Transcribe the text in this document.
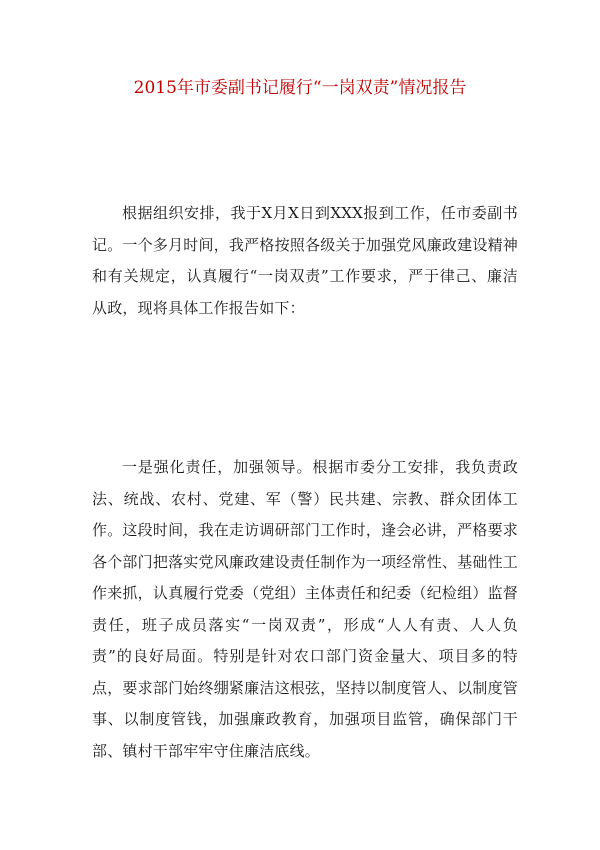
2015年市委副书记履行“一岗双责”情况报告

根据组织安排，我于X月X日到XXX报到工作，任市委副书记。一个多月时间，我严格按照各级关于加强党风廉政建设精神和有关规定，认真履行“一岗双责”工作要求，严于律己、廉洁从政，现将具体工作报告如下：

一是强化责任，加强领导。根据市委分工安排，我负责政法、统战、农村、党建、军（警）民共建、宗教、群众团体工作。这段时间，我在走访调研部门工作时，逢会必讲，严格要求各个部门把落实党风廉政建设责任制作为一项经常性、基础性工作来抓，认真履行党委（党组）主体责任和纪委（纪检组）监督责任，班子成员落实“一岗双责”，形成“人人有责、人人负责”的良好局面。特别是针对农口部门资金量大、项目多的特点，要求部门始终绷紧廉洁这根弦，坚持以制度管人、以制度管事、以制度管钱，加强廉政教育，加强项目监管，确保部门干部、镇村干部牢牢守住廉洁底线。
